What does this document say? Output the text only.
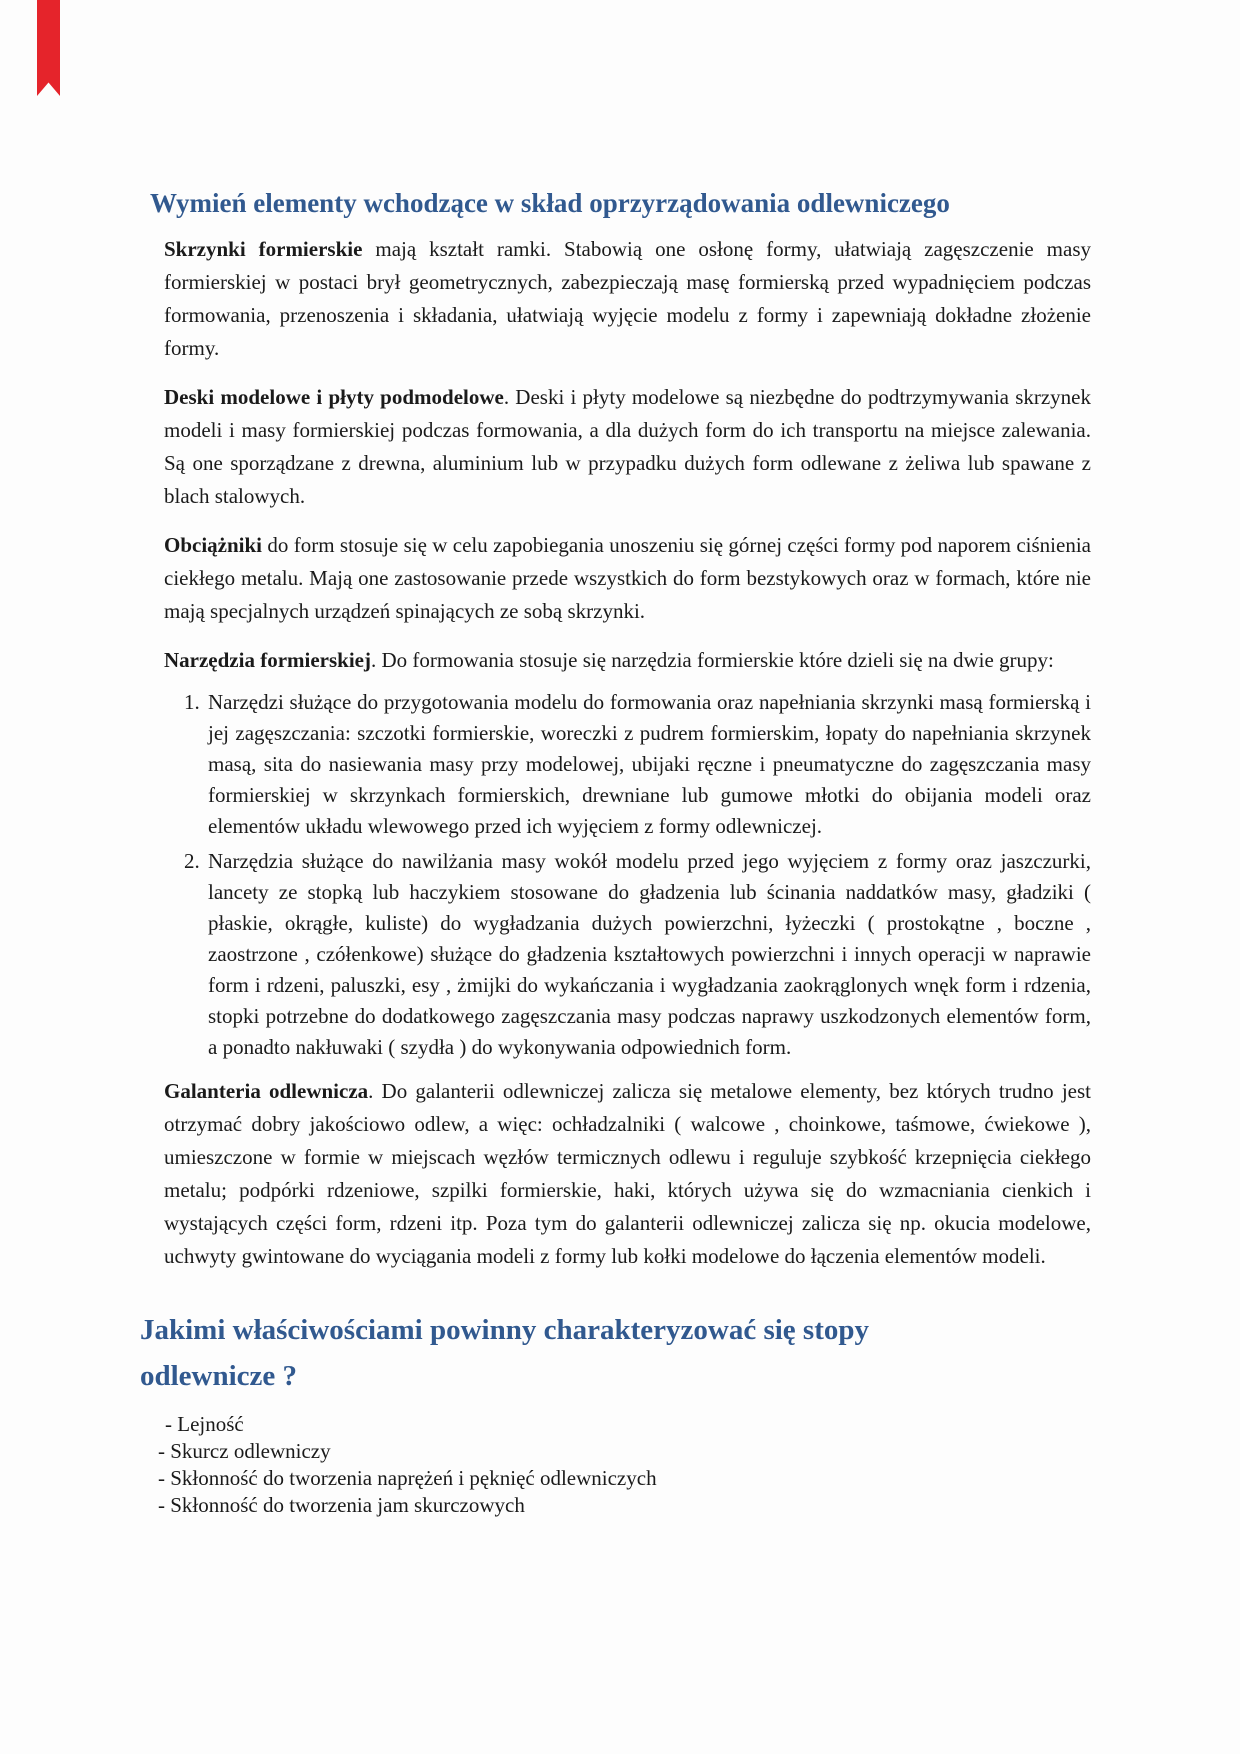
Wymień elementy wchodzące w skład oprzyrządowania odlewniczego

Skrzynki formierskie mają kształt ramki. Stabowią one osłonę formy, ułatwiają zagęszczenie masy formierskiej w postaci brył geometrycznych, zabezpieczają masę formierską przed wypadnięciem podczas formowania, przenoszenia i składania, ułatwiają wyjęcie modelu z formy i zapewniają dokładne złożenie formy.

Deski modelowe i płyty podmodelowe. Deski i płyty modelowe są niezbędne do podtrzymywania skrzynek modeli i masy formierskiej podczas formowania, a dla dużych form do ich transportu na miejsce zalewania. Są one sporządzane z drewna, aluminium lub w przypadku dużych form odlewane z żeliwa lub spawane z blach stalowych.

Obciążniki do form stosuje się w celu zapobiegania unoszeniu się górnej części formy pod naporem ciśnienia ciekłego metalu. Mają one zastosowanie przede wszystkich do form bezstykowych oraz w formach, które nie mają specjalnych urządzeń spinających ze sobą skrzynki.

Narzędzia formierskiej. Do formowania stosuje się narzędzia formierskie które dzieli się na dwie grupy:

1. Narzędzi służące do przygotowania modelu do formowania oraz napełniania skrzynki masą formierską i jej zagęszczania: szczotki formierskie, woreczki z pudrem formierskim, łopaty do napełniania skrzynek masą, sita do nasiewania masy przy modelowej, ubijaki ręczne i pneumatyczne do zagęszczania masy formierskiej w skrzynkach formierskich, drewniane lub gumowe młotki do obijania modeli oraz elementów układu wlewowego przed ich wyjęciem z formy odlewniczej.
2. Narzędzia służące do nawilżania masy wokół modelu przed jego wyjęciem z formy oraz jaszczurki, lancety ze stopką lub haczykiem stosowane do gładzenia lub ścinania naddatków masy, gładziki ( płaskie, okrągłe, kuliste) do wygładzania dużych powierzchni, łyżeczki ( prostokątne , boczne , zaostrzone , czółenkowe) służące do gładzenia kształtowych powierzchni i innych operacji w naprawie form i rdzeni, paluszki, esy , żmijki do wykańczania i wygładzania zaokrąglonych wnęk form i rdzenia, stopki potrzebne do dodatkowego zagęszczania masy podczas naprawy uszkodzonych elementów form, a ponadto nakłuwaki ( szydła ) do wykonywania odpowiednich form.

Galanteria odlewnicza. Do galanterii odlewniczej zalicza się metalowe elementy, bez których trudno jest otrzymać dobry jakościowo odlew, a więc: ochładzalniki ( walcowe , choinkowe, taśmowe, ćwiekowe ), umieszczone w formie w miejscach węzłów termicznych odlewu i reguluje szybkość krzepnięcia ciekłego metalu; podpórki rdzeniowe, szpilki formierskie, haki, których używa się do wzmacniania cienkich i wystających części form, rdzeni itp. Poza tym do galanterii odlewniczej zalicza się np. okucia modelowe, uchwyty gwintowane do wyciągania modeli z formy lub kołki modelowe do łączenia elementów modeli.

Jakimi właściwościami powinny charakteryzować się stopy odlewnicze ?
- Lejność
- Skurcz odlewniczy
- Skłonność do tworzenia naprężeń i pęknięć odlewniczych
- Skłonność do tworzenia jam skurczowych
